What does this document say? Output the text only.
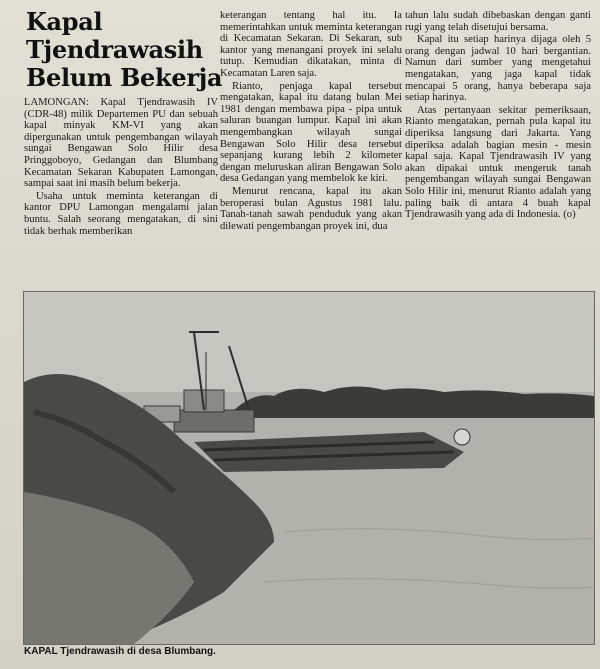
Kapal
Tjendrawasih
Belum Bekerja

LAMONGAN: Kapal Tjendrawasih IV (CDR-48) milik Departemen PU dan sebuah kapal minyak KM-VI yang akan dipergunakan untuk pengembangan wilayah sungai Bengawan Solo Hilir desa Pringgoboyo, Gedangan dan Blumbang Kecamatan Sekaran Kabupaten Lamongan, sampai saat ini masih belum bekerja.

Usaha untuk meminta keterangan di kantor DPU Lamongan mengalami jalan buntu. Salah seorang mengatakan, di sini tidak berhak memberikan

keterangan tentang hal itu. Ia memerintahkan untuk meminta keterangan di Kecamatan Sekaran. Di Sekaran, sub kantor yang menangani proyek ini selalu tutup. Kemudian dikatakan, minta di Kecamatan Laren saja.

Rianto, penjaga kapal tersebut mengatakan, kapal itu datang bulan Mei 1981 dengan membawa pipa - pipa untuk saluran buangan lumpur. Kapal ini akan mengembangkan wilayah sungai Bengawan Solo Hilir desa tersebut sepanjang kurang lebih 2 kilometer dengan meluruskan aliran Bengawan Solo desa Gedangan yang membelok ke kiri.

Menurut rencana, kapal itu akan beroperasi bulan Agustus 1981 lalu. Tanah-tanah sawah penduduk yang akan dilewati pengembangan proyek ini, dua

tahun lalu sudah dibebaskan dengan ganti rugi yang telah disetujui bersama.

Kapal itu setiap harinya dijaga oleh 5 orang dengan jadwal 10 hari bergantian. Namun dari sumber yang mengetahui mengatakan, yang jaga kapal tidak mencapai 5 orang, hanya beberapa saja setiap harinya.

Atas pertanyaan sekitar pemeriksaan, Rianto mengatakan, pernah pula kapal itu diperiksa langsung dari Jakarta. Yang diperiksa adalah bagian mesin - mesin kapal saja. Kapal Tjendrawasih IV yang akan dipakai untuk mengeruk tanah pengembangan wilayah sungai Bengawan Solo Hilir ini, menurut Rianto adalah yang paling baik di antara 4 buah kapal Tjendrawasih yang ada di Indonesia. (o)

KAPAL Tjendrawasih di desa Blumbang.
